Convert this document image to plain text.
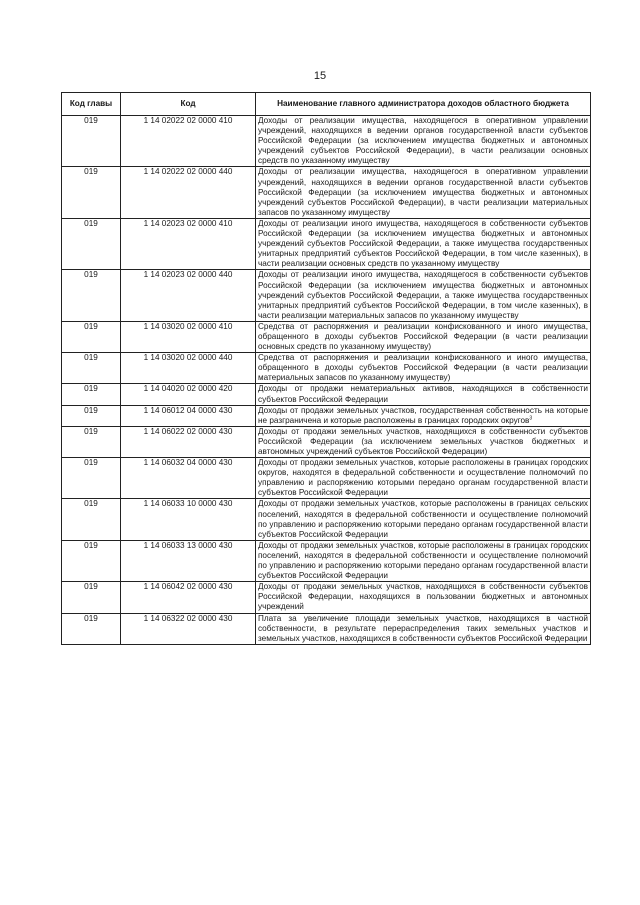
15
Код главы	Код	Наименование главного администратора доходов областного бюджета
019	1 14 02022 02 0000 410	Доходы от реализации имущества, находящегося в оперативном управлении учреждений, находящихся в ведении органов государственной власти субъектов Российской Федерации (за исключением имущества бюджетных и автономных учреждений субъектов Российской Федерации), в части реализации основных средств по указанному имуществу
019	1 14 02022 02 0000 440	Доходы от реализации имущества, находящегося в оперативном управлении учреждений, находящихся в ведении органов государственной власти субъектов Российской Федерации (за исключением имущества бюджетных и автономных учреждений субъектов Российской Федерации), в части реализации материальных запасов по указанному имуществу
019	1 14 02023 02 0000 410	Доходы от реализации иного имущества, находящегося в собственности субъектов Российской Федерации (за исключением имущества бюджетных и автономных учреждений субъектов Российской Федерации, а также имущества государственных унитарных предприятий субъектов Российской Федерации, в том числе казенных), в части реализации основных средств по указанному имуществу
019	1 14 02023 02 0000 440	Доходы от реализации иного имущества, находящегося в собственности субъектов Российской Федерации (за исключением имущества бюджетных и автономных учреждений субъектов Российской Федерации, а также имущества государственных унитарных предприятий субъектов Российской Федерации, в том числе казенных), в части реализации материальных запасов по указанному имуществу
019	1 14 03020 02 0000 410	Средства от распоряжения и реализации конфискованного и иного имущества, обращенного в доходы субъектов Российской Федерации (в части реализации основных средств по указанному имуществу)
019	1 14 03020 02 0000 440	Средства от распоряжения и реализации конфискованного и иного имущества, обращенного в доходы субъектов Российской Федерации (в части реализации материальных запасов по указанному имуществу)
019	1 14 04020 02 0000 420	Доходы от продажи нематериальных активов, находящихся в собственности субъектов Российской Федерации
019	1 14 06012 04 0000 430	Доходы от продажи земельных участков, государственная собственность на которые не разграничена и которые расположены в границах городских округов$^3$
019	1 14 06022 02 0000 430	Доходы от продажи земельных участков, находящихся в собственности субъектов Российской Федерации (за исключением земельных участков бюджетных и автономных учреждений субъектов Российской Федерации)
019	1 14 06032 04 0000 430	Доходы от продажи земельных участков, которые расположены в границах городских округов, находятся в федеральной собственности и осуществление полномочий по управлению и распоряжению которыми передано органам государственной власти субъектов Российской Федерации
019	1 14 06033 10 0000 430	Доходы от продажи земельных участков, которые расположены в границах сельских поселений, находятся в федеральной собственности и осуществление полномочий по управлению и распоряжению которыми передано органам государственной власти субъектов Российской Федерации
019	1 14 06033 13 0000 430	Доходы от продажи земельных участков, которые расположены в границах городских поселений, находятся в федеральной собственности и осуществление полномочий по управлению и распоряжению которыми передано органам государственной власти субъектов Российской Федерации
019	1 14 06042 02 0000 430	Доходы от продажи земельных участков, находящихся в собственности субъектов Российской Федерации, находящихся в пользовании бюджетных и автономных учреждений
019	1 14 06322 02 0000 430	Плата за увеличение площади земельных участков, находящихся в частной собственности, в результате перераспределения таких земельных участков и земельных участков, находящихся в собственности субъектов Российской Федерации
